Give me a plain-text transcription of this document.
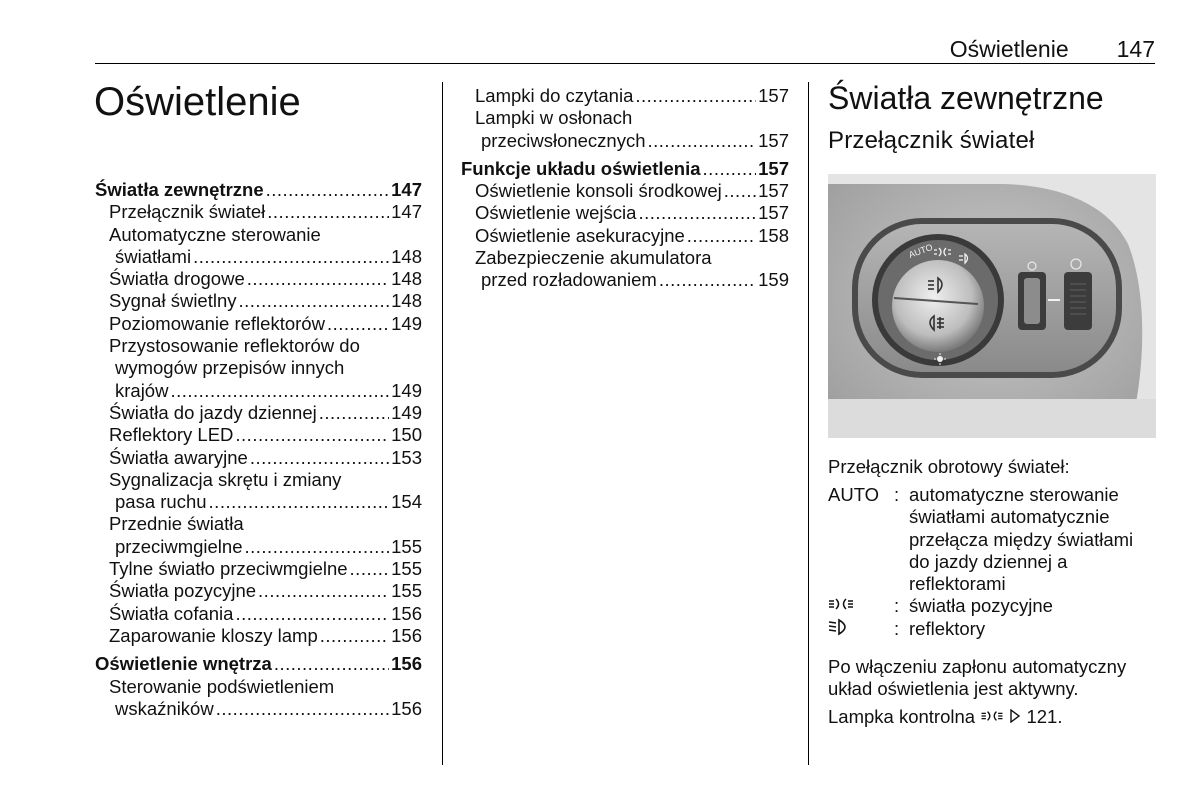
Oświetlenie 147
Oświetlenie
Światła zewnętrzne .....	147
Przełącznik świateł .....	147
Automatyczne sterowanie
światłami .....	148
Światła drogowe .....	148
Sygnał świetlny .....	148
Poziomowanie reflektorów .....	149
Przystosowanie reflektorów do
wymogów przepisów innych
krajów .....	149
Światła do jazdy dziennej .....	149
Reflektory LED .....	150
Światła awaryjne .....	153
Sygnalizacja skrętu i zmiany
pasa ruchu .....	154
Przednie światła
przeciwmgielne .....	155
Tylne światło przeciwmgielne ..... 155
Światła pozycyjne .....	155
Światła cofania .....	156
Zaparowanie kloszy lamp .....	156
Oświetlenie wnętrza .....	156
Sterowanie podświetleniem
wskaźników .....	156
Lampki do czytania .....	157
Lampki w osłonach
przeciwsłonecznych .....	157
Funkcje układu oświetlenia .....	157
Oświetlenie konsoli środkowej ..... 157
Oświetlenie wejścia .....	157
Oświetlenie asekuracyjne .....	158
Zabezpieczenie akumulatora
przed rozładowaniem .....	159
Światła zewnętrzne
Przełącznik świateł
AUTO
Przełącznik obrotowy świateł:
AUTO : automatyczne sterowanie
światłami automatycznie
przełącza między światłami
do jazdy dziennej a
reflektorami
: światła pozycyjne
: reflektory
Po włączeniu zapłonu automatyczny
układ oświetlenia jest aktywny.
Lampka kontrolna	121.
